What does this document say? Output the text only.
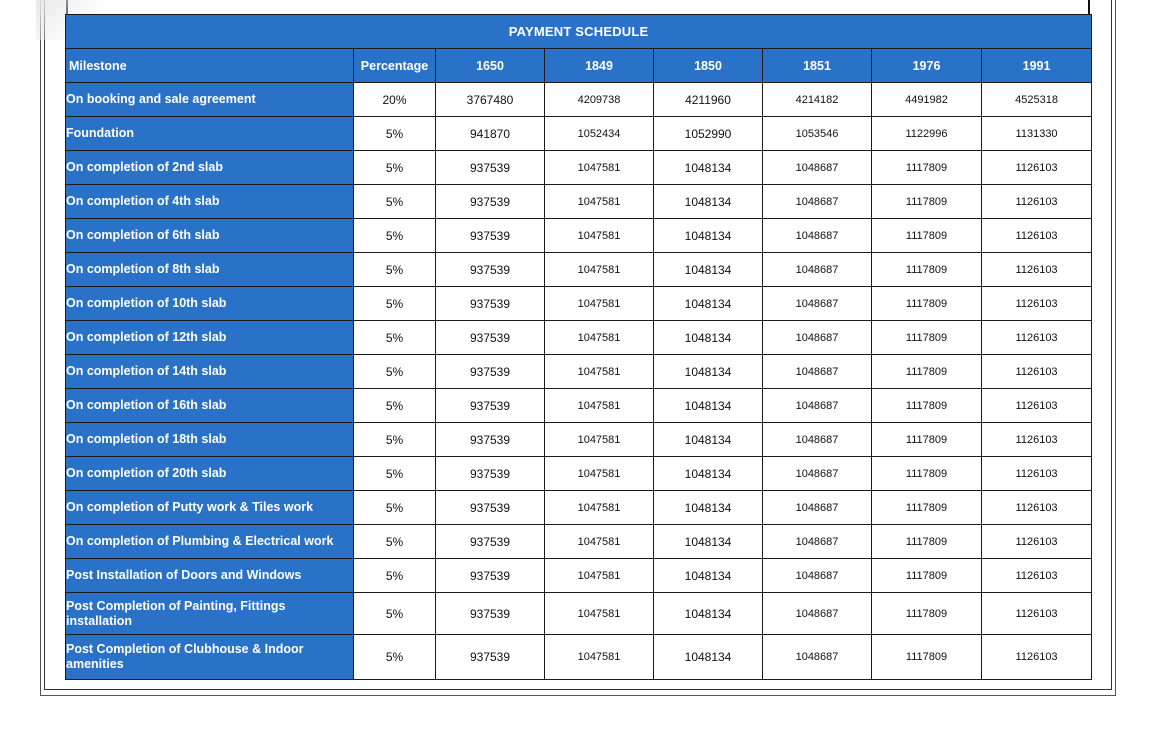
PAYMENT SCHEDULE							
Milestone	Percentage	1650	1849	1850	1851	1976	1991
On booking and sale agreement	20%	3767480	4209738	4211960	4214182	4491982	4525318
Foundation	5%	941870	1052434	1052990	1053546	1122996	1131330
On completion of 2nd slab	5%	937539	1047581	1048134	1048687	1117809	1126103
On completion of 4th slab	5%	937539	1047581	1048134	1048687	1117809	1126103
On completion of 6th slab	5%	937539	1047581	1048134	1048687	1117809	1126103
On completion of 8th slab	5%	937539	1047581	1048134	1048687	1117809	1126103
On completion of 10th slab	5%	937539	1047581	1048134	1048687	1117809	1126103
On completion of 12th slab	5%	937539	1047581	1048134	1048687	1117809	1126103
On completion of 14th slab	5%	937539	1047581	1048134	1048687	1117809	1126103
On completion of 16th slab	5%	937539	1047581	1048134	1048687	1117809	1126103
On completion of 18th slab	5%	937539	1047581	1048134	1048687	1117809	1126103
On completion of 20th slab	5%	937539	1047581	1048134	1048687	1117809	1126103
On completion of Putty work & Tiles work	5%	937539	1047581	1048134	1048687	1117809	1126103
On completion of Plumbing & Electrical work	5%	937539	1047581	1048134	1048687	1117809	1126103
Post Installation of Doors and Windows	5%	937539	1047581	1048134	1048687	1117809	1126103
Post Completion of Painting, Fittings installation	5%	937539	1047581	1048134	1048687	1117809	1126103
Post Completion of Clubhouse & Indoor amenities	5%	937539	1047581	1048134	1048687	1117809	1126103
